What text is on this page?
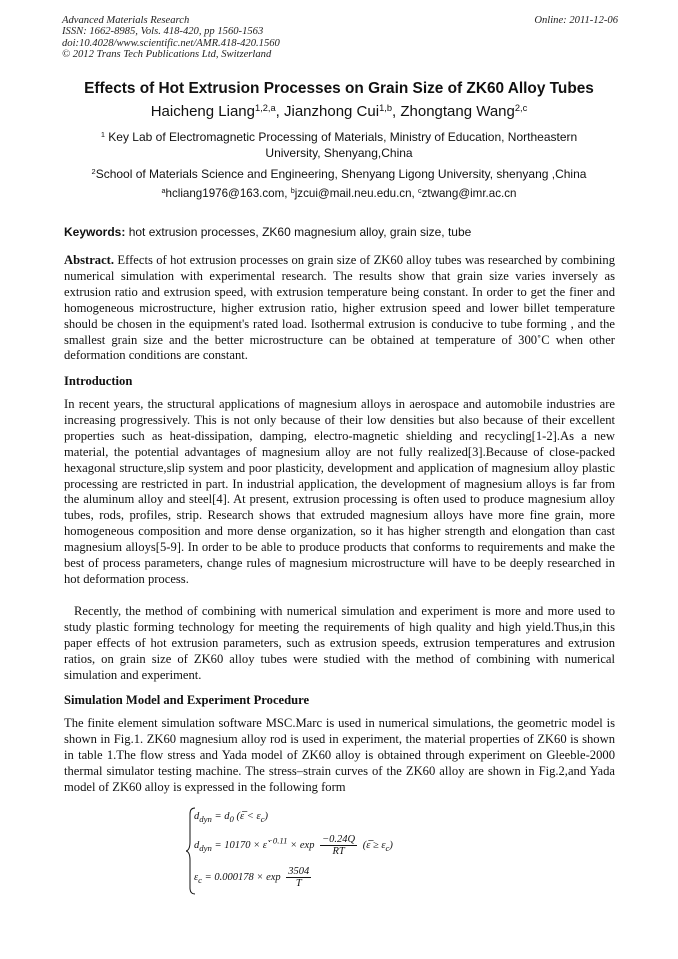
Advanced Materials Research
ISSN: 1662-8985, Vols. 418-420, pp 1560-1563
doi:10.4028/www.scientific.net/AMR.418-420.1560
© 2012 Trans Tech Publications Ltd, Switzerland
Online: 2011-12-06
Effects of Hot Extrusion Processes on Grain Size of ZK60 Alloy Tubes
Haicheng Liang$^{1,2,a}$, Jianzhong Cui$^{1,b}$, Zhongtang Wang$^{2,c}$
$^1$ Key Lab of Electromagnetic Processing of Materials, Ministry of Education, Northeastern University, Shenyang,China
$^2$School of Materials Science and Engineering, Shenyang Ligong University, shenyang ,China
$^a$hcliang1976@163.com, $^b$jzcui@mail.neu.edu.cn, $^c$ztwang@imr.ac.cn
Keywords: hot extrusion processes, ZK60 magnesium alloy, grain size, tube
Abstract. Effects of hot extrusion processes on grain size of ZK60 alloy tubes was researched by combining numerical simulation with experimental research. The results show that grain size varies inversely as extrusion ratio and extrusion speed, with extrusion temperature being constant. In order to get the finer and homogeneous microstructure, higher extrusion ratio, higher extrusion speed and lower billet temperature should be chosen in the equipment's rated load. Isothermal extrusion is conducive to tube forming , and the smallest grain size and the better microstructure can be obtained at temperature of 300˚C when other deformation conditions are constant.
Introduction
In recent years, the structural applications of magnesium alloys in aerospace and automobile industries are increasing progressively. This is not only because of their low densities but also because of their excellent properties such as heat-dissipation, damping, electro-magnetic shielding and recycling[1-2].As a new material, the potential advantages of magnesium alloy are not fully realized[3].Because of close-packed hexagonal structure,slip system and poor plasticity, development and application of magnesium alloy plastic processing are restricted in part. In industrial application, the development of magnesium alloys is far from the aluminum alloy and steel[4]. At present, extrusion processing is often used to produce magnesium alloy tubes, rods, profiles, strip. Research shows that extruded magnesium alloys have more fine grain, more homogeneous composition and more dense organization, so it has higher strength and elongation than cast magnesium alloys[5-9]. In order to be able to produce products that conforms to requirements and make the best of process parameters, change rules of magnesium microstructure will have to be deeply researched in hot deformation process.
Recently, the method of combining with numerical simulation and experiment is more and more used to study plastic forming technology for meeting the requirements of high quality and high yield.Thus,in this paper effects of hot extrusion parameters, such as extrusion speeds, extrusion temperatures and extrusion ratios, on grain size of ZK60 alloy tubes were studied with the method of combining with numerical simulation and experiment.
Simulation Model and Experiment Procedure
The finite element simulation software MSC.Marc is used in numerical simulations, the geometric model is shown in Fig.1. ZK60 magnesium alloy rod is used in experiment, the material properties of ZK60 is shown in table 1.The flow stress and Yada model of ZK60 alloy is obtained through experiment on Gleeble-2000 thermal simulator testing machine. The stress–strain curves of the ZK60 alloy are shown in Fig.2,and Yada model of ZK60 alloy is expressed in the following form
$d_{dyn} = d_0$ (ε̅ < $\varepsilon_c$)
$d_{dyn} = 10170$ × ε̇$^{-0.11}$ × $\exp \frac{-0.24Q}{RT}$ (ε̅ ≥ $\varepsilon_c$)
$\varepsilon_c = 0.000178 \times \exp \frac{3504}{T}$
